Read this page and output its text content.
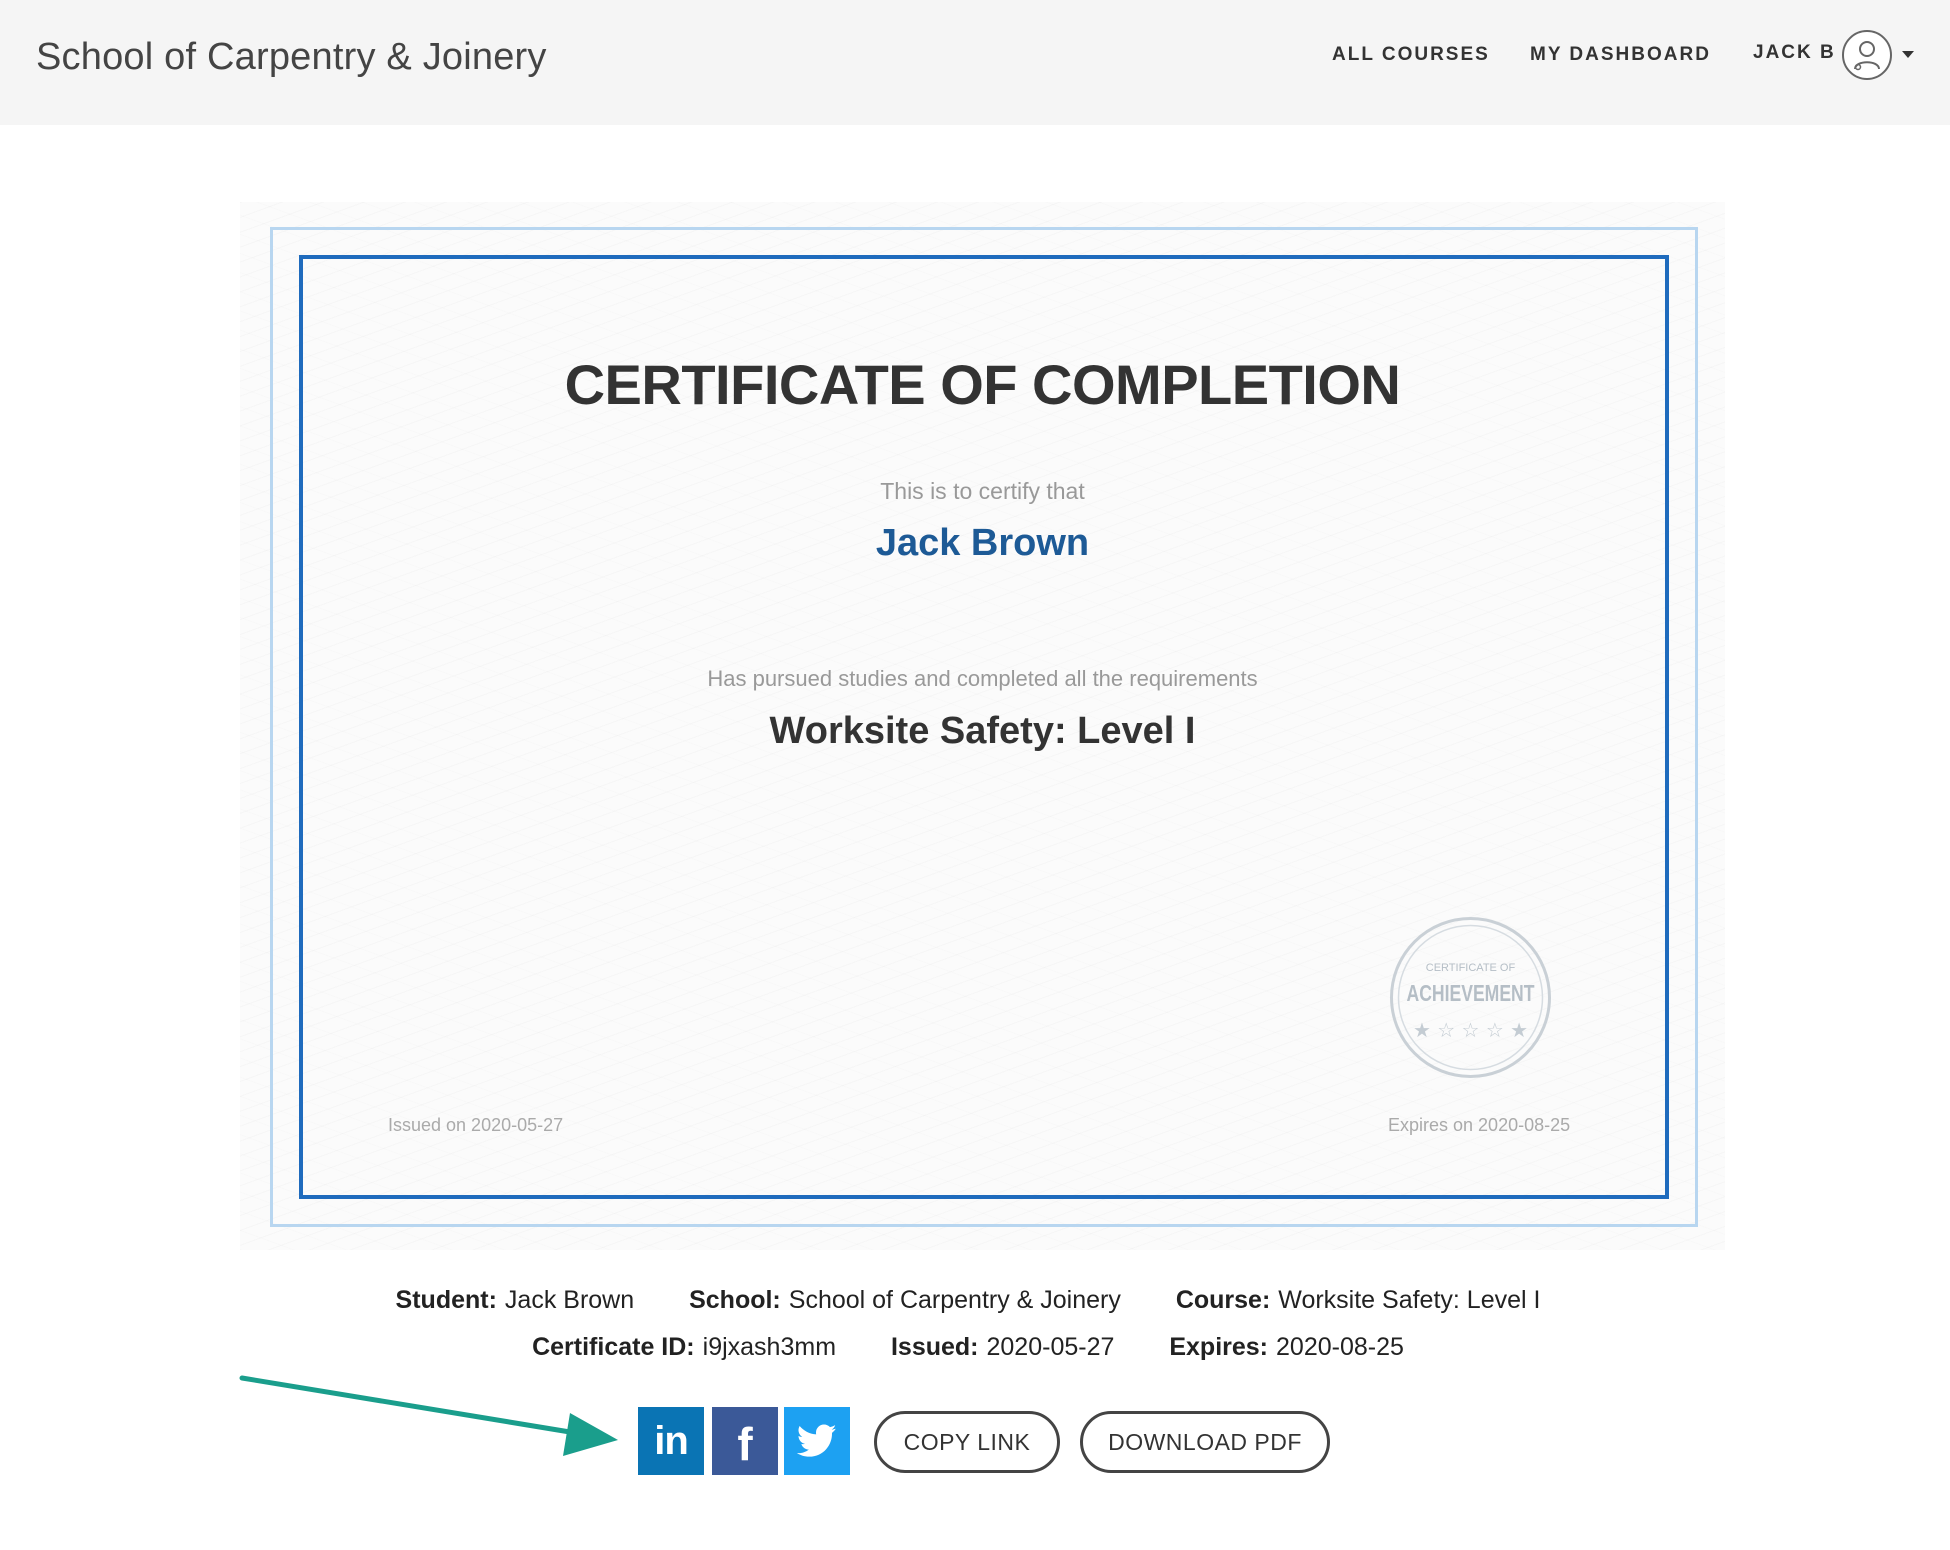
School of Carpentry & Joinery	ALL COURSES MY DASHBOARD JACK B
CERTIFICATE OF COMPLETION
This is to certify that
Jack Brown
Has pursued studies and completed all the requirements
Worksite Safety: Level I
CERTIFICATE OF
ACHIEVEMENT
★ ☆ ☆ ☆ ★
Issued on 2020-05-27	Expires on 2020-08-25
Student: Jack Brown School: School of Carpentry & Joinery Course: Worksite Safety: Level I
Certificate ID: i9jxash3mm Issued: 2020-05-27 Expires: 2020-08-25
in f	COPY LINK	DOWNLOAD PDF
